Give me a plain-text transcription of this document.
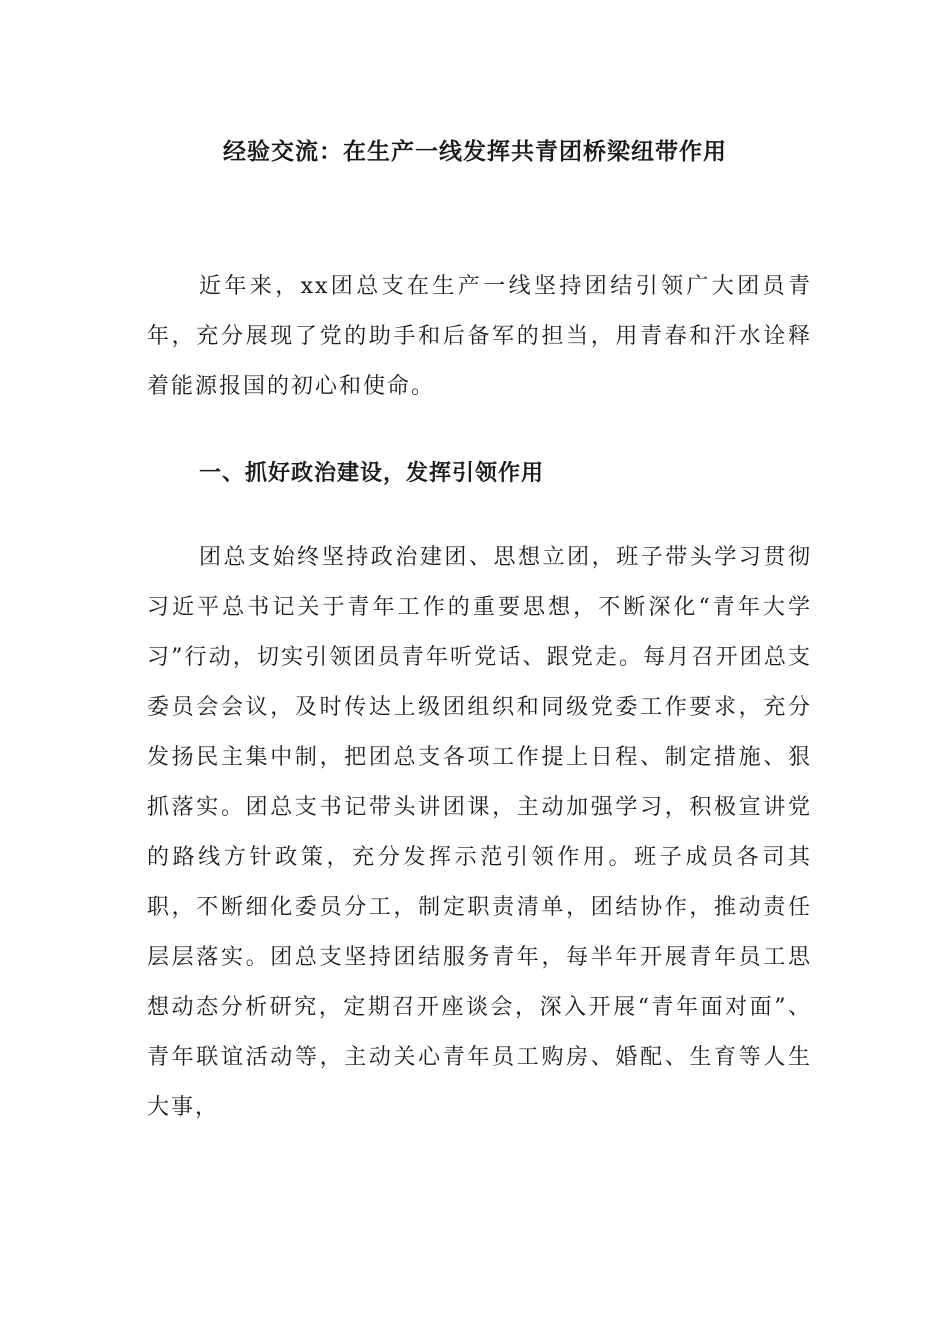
经验交流：在生产一线发挥共青团桥梁纽带作用

近年来，xx团总支在生产一线坚持团结引领广大团员青年，充分展现了党的助手和后备军的担当，用青春和汗水诠释着能源报国的初心和使命。

一、抓好政治建设，发挥引领作用

团总支始终坚持政治建团、思想立团，班子带头学习贯彻习近平总书记关于青年工作的重要思想，不断深化“青年大学习”行动，切实引领团员青年听党话、跟党走。每月召开团总支委员会会议，及时传达上级团组织和同级党委工作要求，充分发扬民主集中制，把团总支各项工作提上日程、制定措施、狠抓落实。团总支书记带头讲团课，主动加强学习，积极宣讲党的路线方针政策，充分发挥示范引领作用。班子成员各司其职，不断细化委员分工，制定职责清单，团结协作，推动责任层层落实。团总支坚持团结服务青年，每半年开展青年员工思想动态分析研究，定期召开座谈会，深入开展“青年面对面”、青年联谊活动等，主动关心青年员工购房、婚配、生育等人生大事，
